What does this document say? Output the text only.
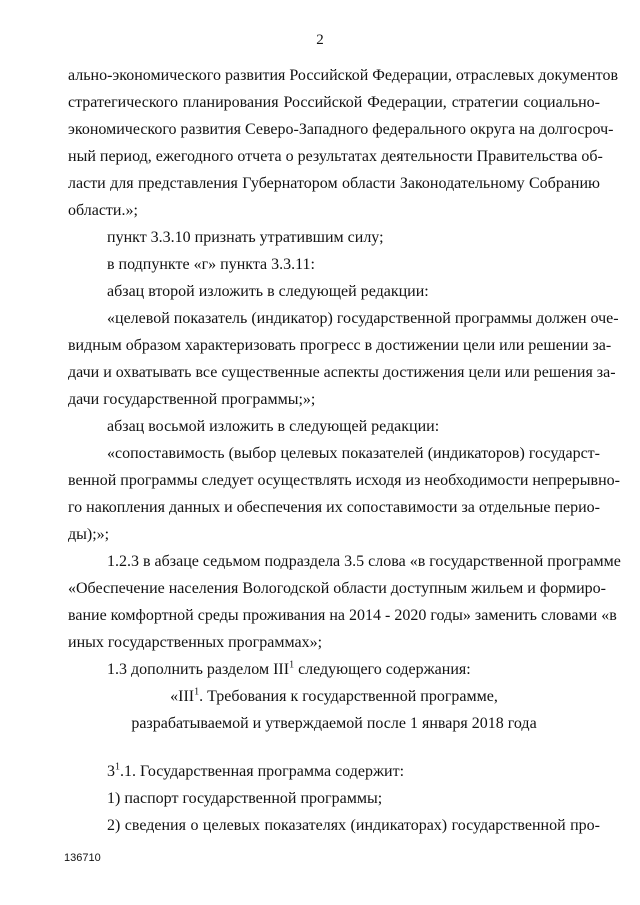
2
ально-экономического развития Российской Федерации, отраслевых документов
стратегического планирования Российской Федерации, стратегии социально-
экономического развития Северо-Западного федерального округа на долгосроч-
ный период, ежегодного отчета о результатах деятельности Правительства об-
ласти для представления Губернатором области Законодательному Собранию
области.»;
пункт 3.3.10 признать утратившим силу;
в подпункте «г» пункта 3.3.11:
абзац второй изложить в следующей редакции:
«целевой показатель (индикатор) государственной программы должен оче-
видным образом характеризовать прогресс в достижении цели или решении за-
дачи и охватывать все существенные аспекты достижения цели или решения за-
дачи государственной программы;»;
абзац восьмой изложить в следующей редакции:
«сопоставимость (выбор целевых показателей (индикаторов) государст-
венной программы следует осуществлять исходя из необходимости непрерывно-
го накопления данных и обеспечения их сопоставимости за отдельные перио-
ды);»;
1.2.3 в абзаце седьмом подраздела 3.5 слова «в государственной программе
«Обеспечение населения Вологодской области доступным жильем и формиро-
вание комфортной среды проживания на 2014 - 2020 годы» заменить словами «в
иных государственных программах»;
1.3 дополнить разделом III$^1$ следующего содержания:
«III$^1$. Требования к государственной программе,
разрабатываемой и утверждаемой после 1 января 2018 года
$3^1.1$. Государственная программа содержит:
1) паспорт государственной программы;
2) сведения о целевых показателях (индикаторах) государственной про-
136710
